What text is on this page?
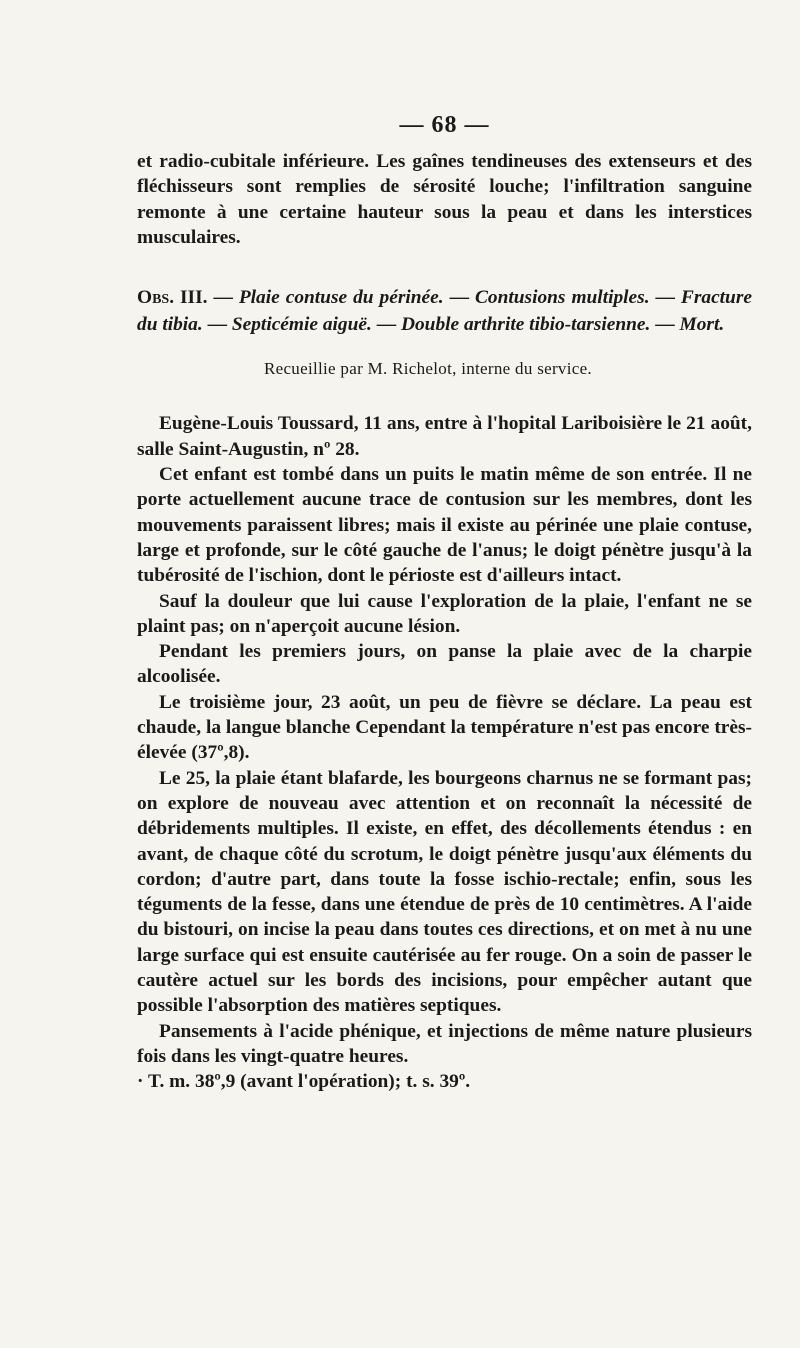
— 68 —

et radio-cubitale inférieure. Les gaînes tendineuses des extenseurs et des fléchisseurs sont remplies de sérosité louche; l'infiltration sanguine remonte à une certaine hauteur sous la peau et dans les interstices musculaires.

Obs. III. — Plaie contuse du périnée. — Contusions multiples. — Fracture du tibia. — Septicémie aiguë. — Double arthrite tibio-tarsienne. — Mort.

Recueillie par M. Richelot, interne du service.

Eugène-Louis Toussard, 11 ans, entre à l'hopital Lariboisière le 21 août, salle Saint-Augustin, nº 28.

Cet enfant est tombé dans un puits le matin même de son entrée. Il ne porte actuellement aucune trace de contusion sur les membres, dont les mouvements paraissent libres; mais il existe au périnée une plaie contuse, large et profonde, sur le côté gauche de l'anus; le doigt pénètre jusqu'à la tubérosité de l'ischion, dont le périoste est d'ailleurs intact.

Sauf la douleur que lui cause l'exploration de la plaie, l'enfant ne se plaint pas; on n'aperçoit aucune lésion.

Pendant les premiers jours, on panse la plaie avec de la charpie alcoolisée.

Le troisième jour, 23 août, un peu de fièvre se déclare. La peau est chaude, la langue blanche Cependant la température n'est pas encore très-élevée (37º,8).

Le 25, la plaie étant blafarde, les bourgeons charnus ne se formant pas; on explore de nouveau avec attention et on reconnaît la nécessité de débridements multiples. Il existe, en effet, des décollements étendus : en avant, de chaque côté du scrotum, le doigt pénètre jusqu'aux éléments du cordon; d'autre part, dans toute la fosse ischio-rectale; enfin, sous les téguments de la fesse, dans une étendue de près de 10 centimètres. A l'aide du bistouri, on incise la peau dans toutes ces directions, et on met à nu une large surface qui est ensuite cautérisée au fer rouge. On a soin de passer le cautère actuel sur les bords des incisions, pour empêcher autant que possible l'absorption des matières septiques.

Pansements à l'acide phénique, et injections de même nature plusieurs fois dans les vingt-quatre heures.

· T. m. 38º,9 (avant l'opération); t. s. 39º.
